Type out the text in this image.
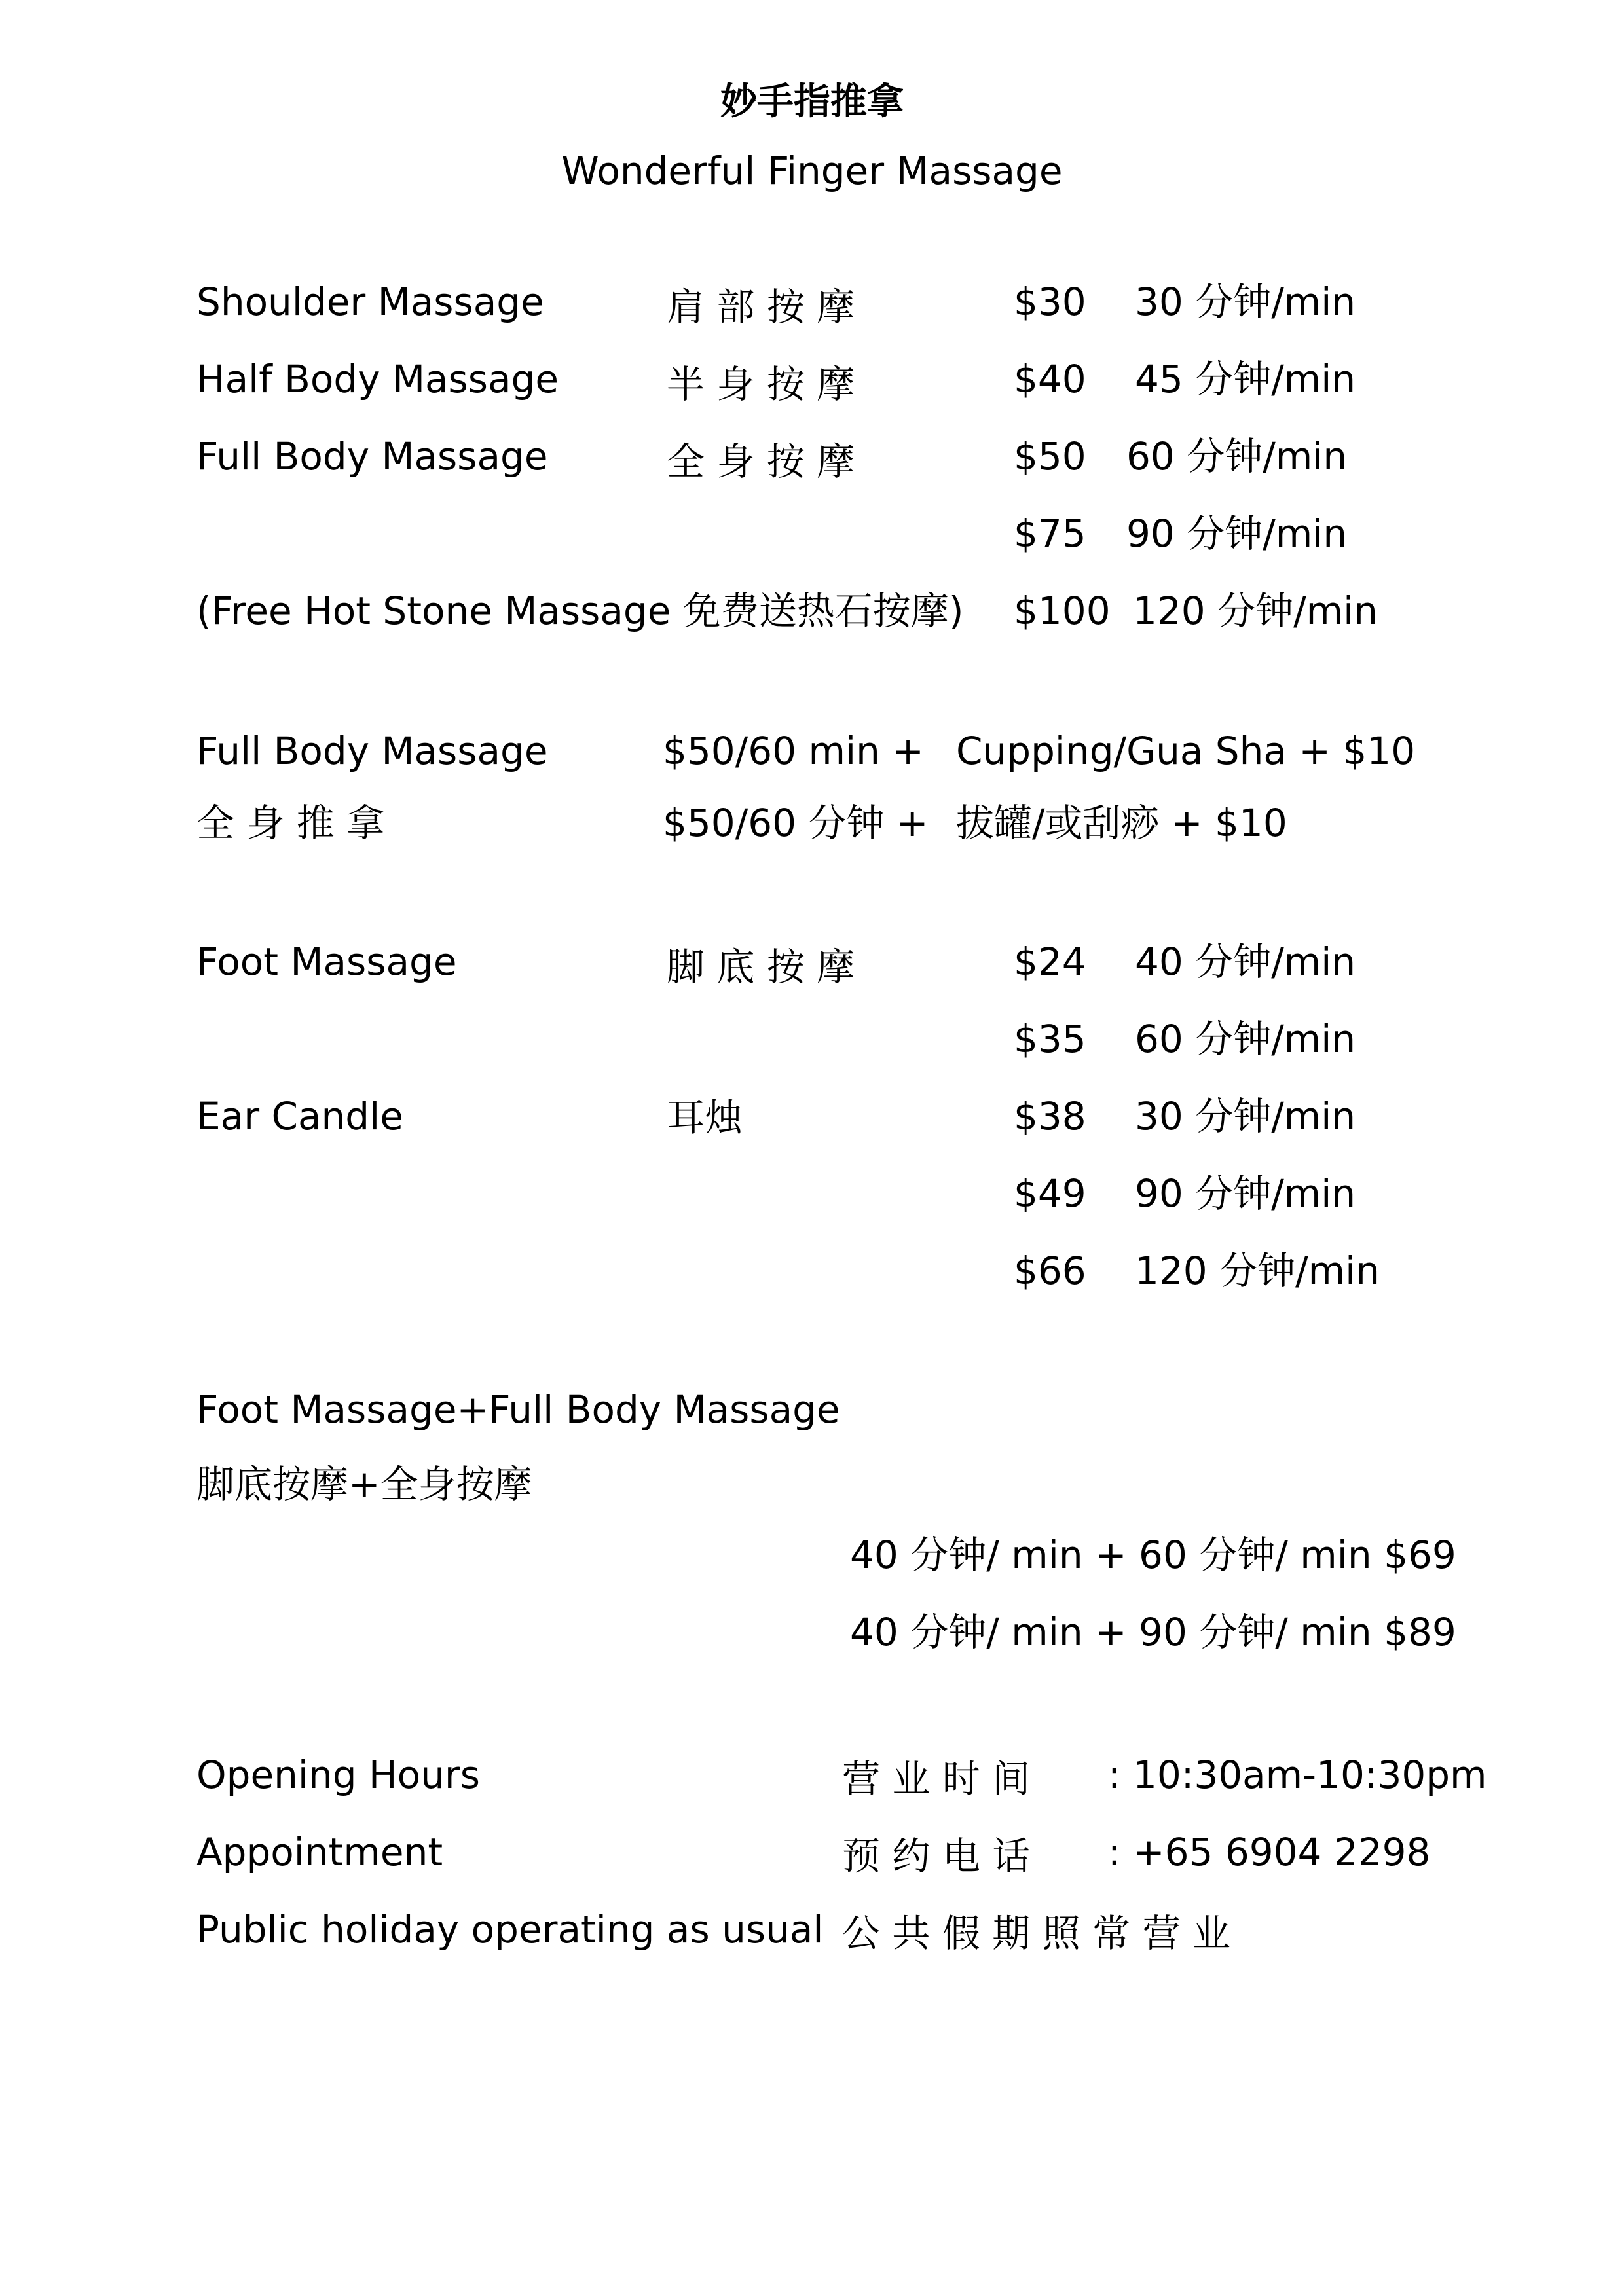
妙手指推拿
Wonderful Finger Massage
Shoulder Massage	肩 部 按 摩	$30 30 分钟/min
Half Body Massage	半 身 按 摩	$40 45 分钟/min
Full Body Massage	全 身 按 摩	$50 60 分钟/min
$75 90 分钟/min
(Free Hot Stone Massage 免费送热石按摩) $100 120 分钟/min
Full Body Massage	$50/60 min + Cupping/Gua Sha + $10
全 身 推 拿	$50/60 分钟 + 拔罐/或刮痧 + $10
Foot Massage	脚 底 按 摩	$24 40 分钟/min
$35 60 分钟/min
Ear Candle	耳烛	$38 30 分钟/min
$49 90 分钟/min
$66 120 分钟/min
Foot Massage+Full Body Massage
脚底按摩+全身按摩
40 分钟/ min + 60 分钟/ min $69
40 分钟/ min + 90 分钟/ min $89
Opening Hours	营 业 时 间 : 10:30am-10:30pm
Appointment	预 约 电 话 : +65 6904 2298
Public holiday operating as usual 公 共 假 期 照 常 营 业
